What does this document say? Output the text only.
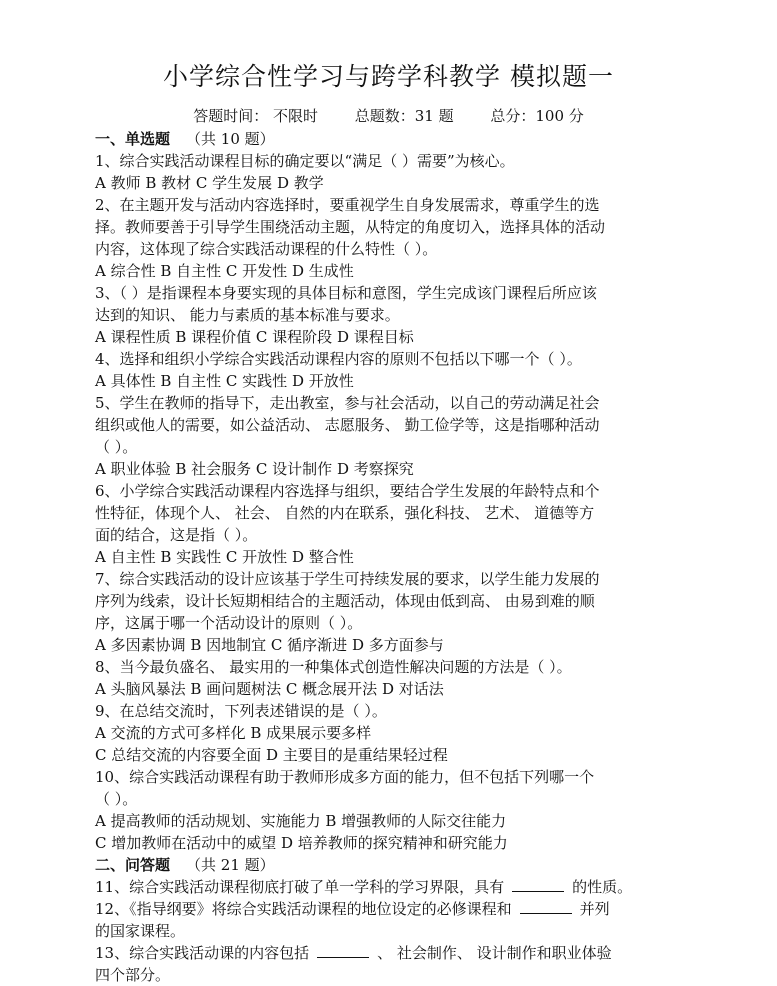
小学综合性学习与跨学科教学 模拟题一
答题时间： 不限时 总题数：31 题 总分：100 分

一、单选题 （共 10 题）

1、综合实践活动课程目标的确定要以“满足（ ）需要”为核心。

A 教师 B 教材 C 学生发展 D 教学

2、在主题开发与活动内容选择时，要重视学生自身发展需求，尊重学生的选

择。教师要善于引导学生围绕活动主题，从特定的角度切入，选择具体的活动

内容，这体现了综合实践活动课程的什么特性（ ）。

A 综合性 B 自主性 C 开发性 D 生成性

3、（ ）是指课程本身要实现的具体目标和意图，学生完成该门课程后所应该

达到的知识、 能力与素质的基本标准与要求。

A 课程性质 B 课程价值 C 课程阶段 D 课程目标

4、选择和组织小学综合实践活动课程内容的原则不包括以下哪一个（ ）。

A 具体性 B 自主性 C 实践性 D 开放性

5、学生在教师的指导下，走出教室，参与社会活动，以自己的劳动满足社会

组织或他人的需要，如公益活动、 志愿服务、 勤工俭学等，这是指哪种活动

（ ）。

A 职业体验 B 社会服务 C 设计制作 D 考察探究

6、小学综合实践活动课程内容选择与组织，要结合学生发展的年龄特点和个

性特征，体现个人、 社会、 自然的内在联系，强化科技、 艺术、 道德等方

面的结合，这是指（ ）。

A 自主性 B 实践性 C 开放性 D 整合性

7、综合实践活动的设计应该基于学生可持续发展的要求，以学生能力发展的

序列为线索，设计长短期相结合的主题活动，体现由低到高、 由易到难的顺

序，这属于哪一个活动设计的原则（ ）。

A 多因素协调 B 因地制宜 C 循序渐进 D 多方面参与

8、当今最负盛名、 最实用的一种集体式创造性解决问题的方法是（ ）。

A 头脑风暴法 B 画问题树法 C 概念展开法 D 对话法

9、在总结交流时，下列表述错误的是（ ）。

A 交流的方式可多样化 B 成果展示要多样

C 总结交流的内容要全面 D 主要目的是重结果轻过程

10、综合实践活动课程有助于教师形成多方面的能力，但不包括下列哪一个

（ ）。

A 提高教师的活动规划、实施能力 B 增强教师的人际交往能力

C 增加教师在活动中的威望 D 培养教师的探究精神和研究能力

二、问答题 （共 21 题）

11、综合实践活动课程彻底打破了单一学科的学习界限，具有	的性质。

12、《指导纲要》将综合实践活动课程的地位设定的必修课程和	并列

的国家课程。

13、综合实践活动课的内容包括	、 社会制作、 设计制作和职业体验

四个部分。
